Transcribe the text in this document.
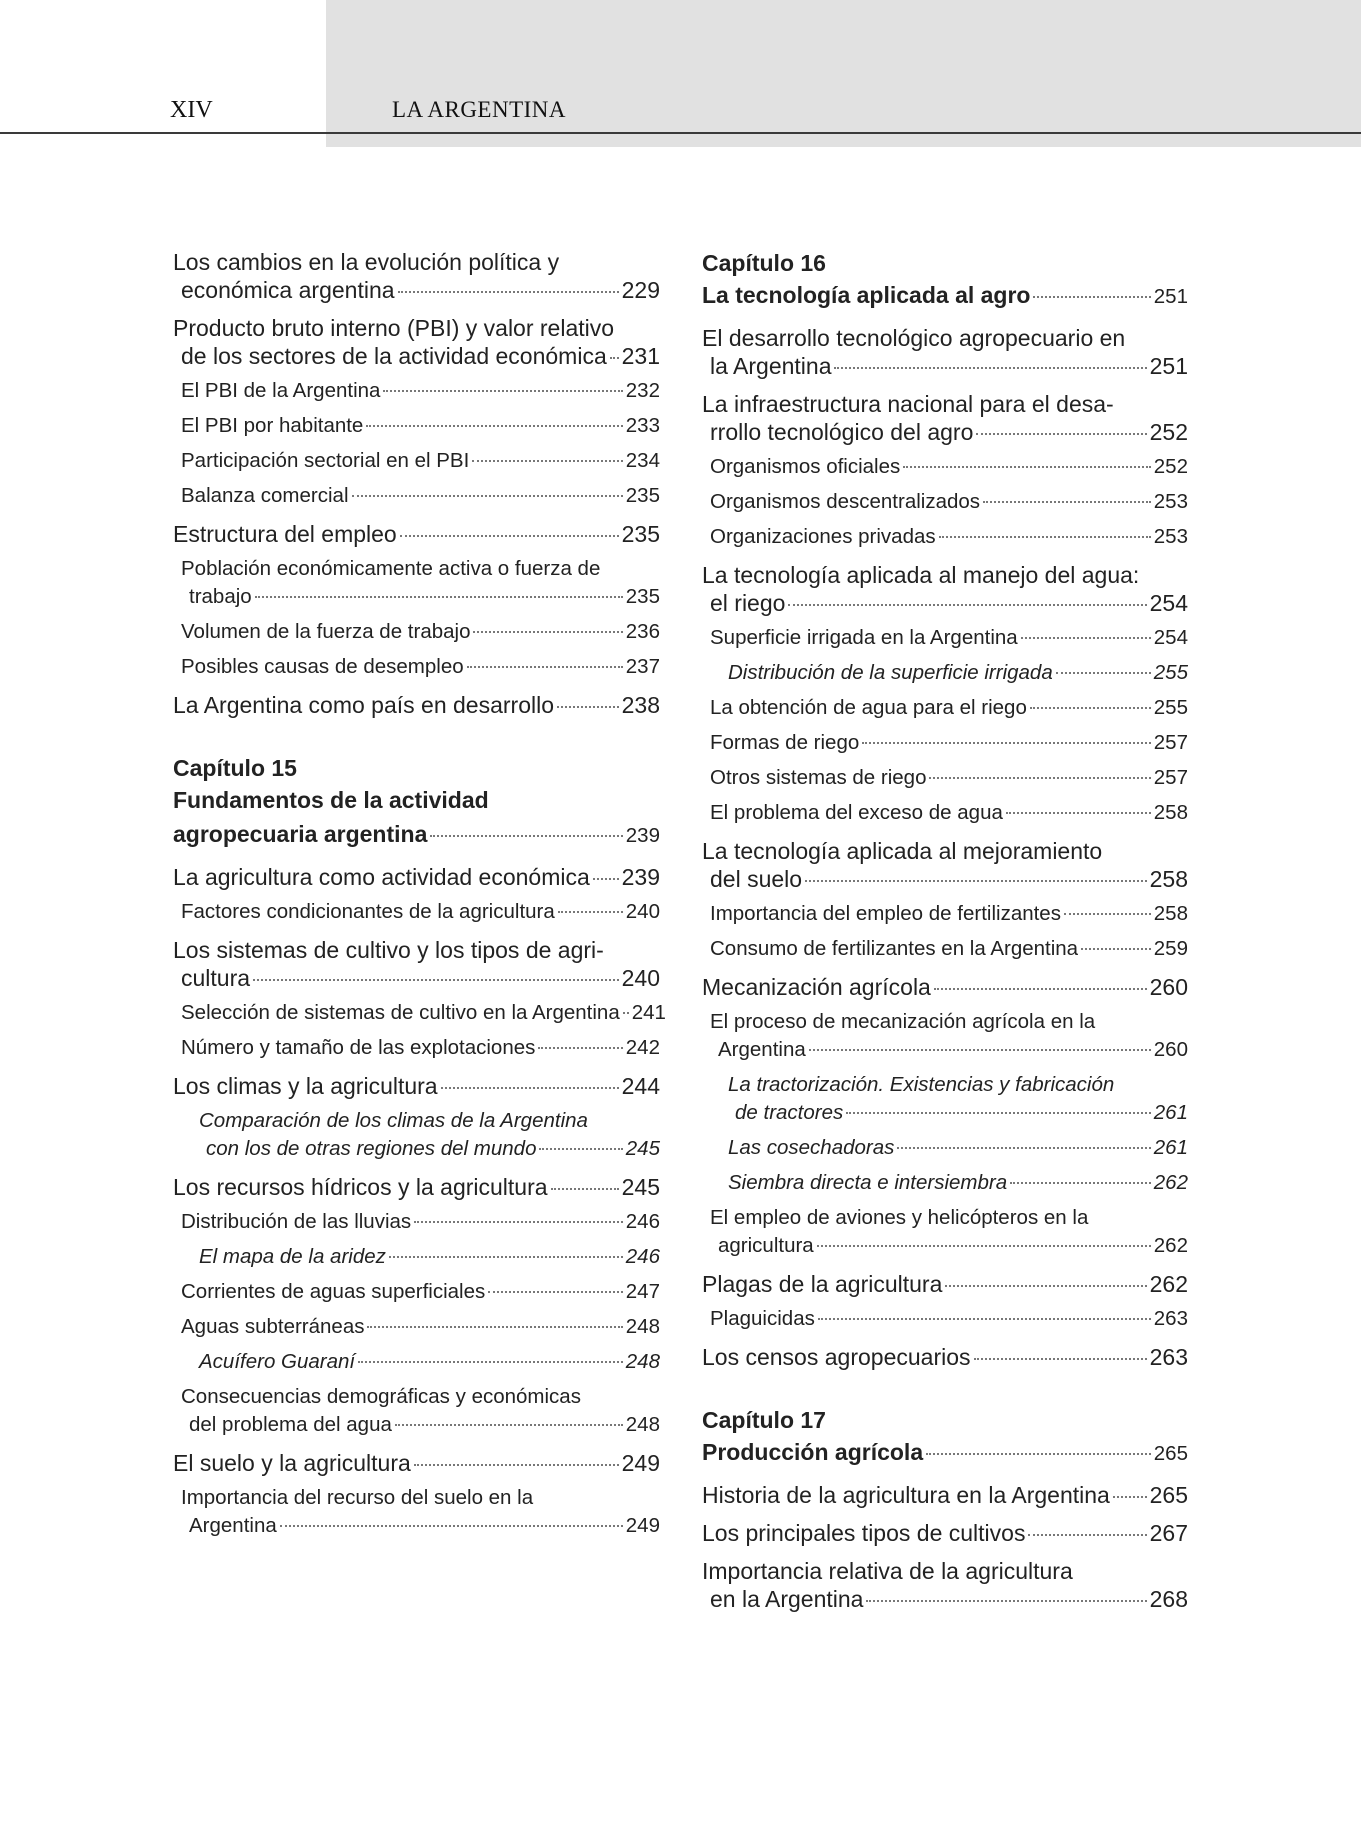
XIV	LA ARGENTINA
Los cambios en la evolución política y
económica argentina	229
Producto bruto interno (PBI) y valor relativo
de los sectores de la actividad económica 231
El PBI de la Argentina	232
El PBI por habitante	233
Participación sectorial en el PBI	234
Balanza comercial	235
Estructura del empleo	235
Población económicamente activa o fuerza de
trabajo	235
Volumen de la fuerza de trabajo	236
Posibles causas de desempleo	237
La Argentina como país en desarrollo	238
Capítulo 15
Fundamentos de la actividad
agropecuaria argentina	239
La agricultura como actividad económica 239
Factores condicionantes de la agricultura	240
Los sistemas de cultivo y los tipos de agri-
cultura	240
Selección de sistemas de cultivo en la Argentina 241
Número y tamaño de las explotaciones	242
Los climas y la agricultura	244
Comparación de los climas de la Argentina
con los de otras regiones del mundo	245
Los recursos hídricos y la agricultura	245
Distribución de las lluvias	246
El mapa de la aridez	246
Corrientes de aguas superficiales	247
Aguas subterráneas	248
Acuífero Guaraní	248
Consecuencias demográficas y económicas
del problema del agua	248
El suelo y la agricultura	249
Importancia del recurso del suelo en la
Argentina	249
Capítulo 16
La tecnología aplicada al agro	251
El desarrollo tecnológico agropecuario en
la Argentina	251
La infraestructura nacional para el desa-
rrollo tecnológico del agro	252
Organismos oficiales	252
Organismos descentralizados	253
Organizaciones privadas	253
La tecnología aplicada al manejo del agua:
el riego	254
Superficie irrigada en la Argentina	254
Distribución de la superficie irrigada	255
La obtención de agua para el riego	255
Formas de riego	257
Otros sistemas de riego	257
El problema del exceso de agua	258
La tecnología aplicada al mejoramiento
del suelo	258
Importancia del empleo de fertilizantes	258
Consumo de fertilizantes en la Argentina	259
Mecanización agrícola	260
El proceso de mecanización agrícola en la
Argentina	260
La tractorización. Existencias y fabricación
de tractores	261
Las cosechadoras	261
Siembra directa e intersiembra	262
El empleo de aviones y helicópteros en la
agricultura	262
Plagas de la agricultura	262
Plaguicidas	263
Los censos agropecuarios	263
Capítulo 17
Producción agrícola	265
Historia de la agricultura en la Argentina 265
Los principales tipos de cultivos	267
Importancia relativa de la agricultura
en la Argentina	268
